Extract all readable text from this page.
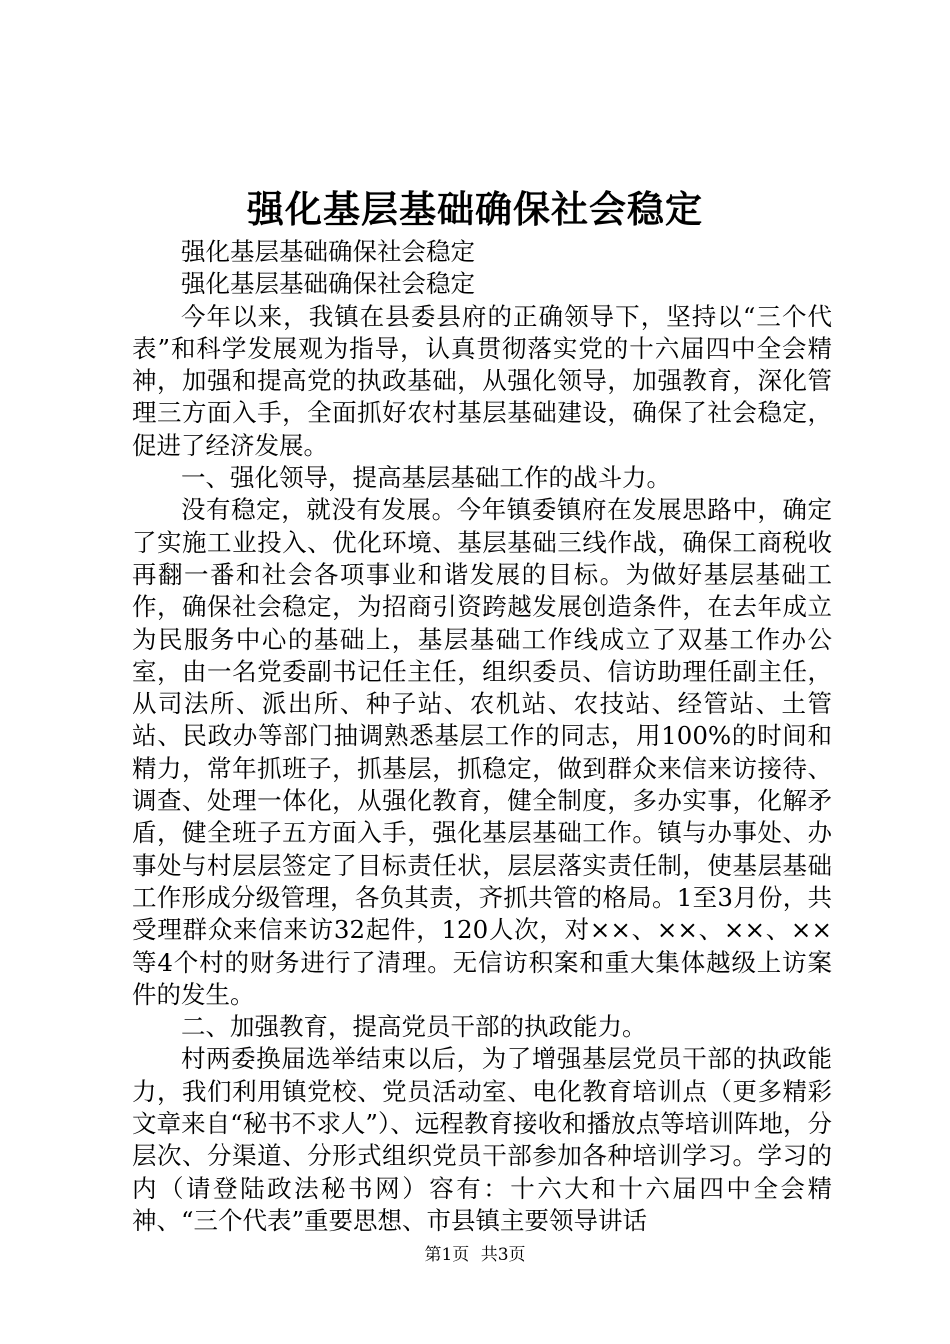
强化基层基础确保社会稳定

强化基层基础确保社会稳定

强化基层基础确保社会稳定

今年以来，我镇在县委县府的正确领导下，坚持以“三个代表”和科学发展观为指导，认真贯彻落实党的十六届四中全会精神，加强和提高党的执政基础，从强化领导，加强教育，深化管理三方面入手，全面抓好农村基层基础建设，确保了社会稳定，促进了经济发展。

一、强化领导，提高基层基础工作的战斗力。

没有稳定，就没有发展。今年镇委镇府在发展思路中，确定了实施工业投入、优化环境、基层基础三线作战，确保工商税收再翻一番和社会各项事业和谐发展的目标。为做好基层基础工作，确保社会稳定，为招商引资跨越发展创造条件，在去年成立为民服务中心的基础上，基层基础工作线成立了双基工作办公室，由一名党委副书记任主任，组织委员、信访助理任副主任，从司法所、派出所、种子站、农机站、农技站、经管站、土管站、民政办等部门抽调熟悉基层工作的同志，用100%的时间和精力，常年抓班子，抓基层，抓稳定，做到群众来信来访接待、调查、处理一体化，从强化教育，健全制度，多办实事，化解矛盾，健全班子五方面入手，强化基层基础工作。镇与办事处、办事处与村层层签定了目标责任状，层层落实责任制，使基层基础工作形成分级管理，各负其责，齐抓共管的格局。1至3月份，共受理群众来信来访32起件，120人次，对××、××、××、××等4个村的财务进行了清理。无信访积案和重大集体越级上访案件的发生。

二、加强教育，提高党员干部的执政能力。

村两委换届选举结束以后，为了增强基层党员干部的执政能力，我们利用镇党校、党员活动室、电化教育培训点（更多精彩文章来自“秘书不求人”）、远程教育接收和播放点等培训阵地，分层次、分渠道、分形式组织党员干部参加各种培训学习。学习的内（请登陆政法秘书网）容有：十六大和十六届四中全会精神、“三个代表”重要思想、市县镇主要领导讲话

第1页 共3页
